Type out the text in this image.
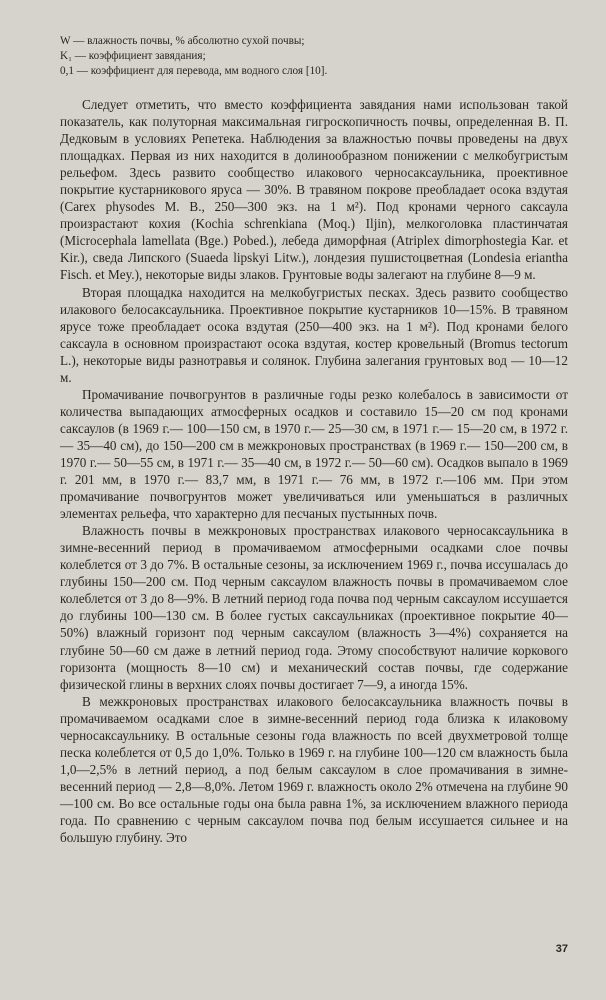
W — влажность почвы, % абсолютно сухой почвы;
K₁ — коэффициент завядания;
0,1 — коэффициент для перевода, мм водного слоя [10].

Следует отметить, что вместо коэффициента завядания нами использован такой показатель, как полуторная максимальная гигроскопичность почвы, определенная В. П. Дедковым в условиях Репетека. Наблюдения за влажностью почвы проведены на двух площадках. Первая из них находится в долинообразном понижении с мелкобугристым рельефом. Здесь развито сообщество илакового черносаксаульника, проективное покрытие кустарникового яруса — 30%. В травяном покрове преобладает осока вздутая (Carex physodes M. B., 250—300 экз. на 1 м²). Под кронами черного саксаула произрастают кохия (Kochia schrenkiana (Moq.) Iljin), мелкоголовка пластинчатая (Microcephala lamellata (Bge.) Pobed.), лебеда диморфная (Atriplex dimorphostegia Kar. et Kir.), сведа Липского (Suaeda lipskyi Litw.), лондезия пушистоцветная (Londesia eriantha Fisch. et Mey.), некоторые виды злаков. Грунтовые воды залегают на глубине 8—9 м.

Вторая площадка находится на мелкобугристых песках. Здесь развито сообщество илакового белосаксаульника. Проективное покрытие кустарников 10—15%. В травяном ярусе тоже преобладает осока вздутая (250—400 экз. на 1 м²). Под кронами белого саксаула в основном произрастают осока вздутая, костер кровельный (Bromus tectorum L.), некоторые виды разнотравья и солянок. Глубина залегания грунтовых вод — 10—12 м.

Промачивание почвогрунтов в различные годы резко колебалось в зависимости от количества выпадающих атмосферных осадков и составило 15—20 см под кронами саксаулов (в 1969 г.— 100—150 см, в 1970 г.— 25—30 см, в 1971 г.— 15—20 см, в 1972 г.— 35—40 см), до 150—200 см в межкроновых пространствах (в 1969 г.— 150—200 см, в 1970 г.— 50—55 см, в 1971 г.— 35—40 см, в 1972 г.— 50—60 см). Осадков выпало в 1969 г. 201 мм, в 1970 г.— 83,7 мм, в 1971 г.— 76 мм, в 1972 г.—106 мм. При этом промачивание почвогрунтов может увеличиваться или уменьшаться в различных элементах рельефа, что характерно для песчаных пустынных почв.

Влажность почвы в межкроновых пространствах илакового черносаксаульника в зимне-весенний период в промачиваемом атмосферными осадками слое почвы колеблется от 3 до 7%. В остальные сезоны, за исключением 1969 г., почва иссушалась до глубины 150—200 см. Под черным саксаулом влажность почвы в промачиваемом слое колеблется от 3 до 8—9%. В летний период года почва под черным саксаулом иссушается до глубины 100—130 см. В более густых саксаульниках (проективное покрытие 40—50%) влажный горизонт под черным саксаулом (влажность 3—4%) сохраняется на глубине 50—60 см даже в летний период года. Этому способствуют наличие коркового горизонта (мощность 8—10 см) и механический состав почвы, где содержание физической глины в верхних слоях почвы достигает 7—9, а иногда 15%.

В межкроновых пространствах илакового белосаксаульника влажность почвы в промачиваемом осадками слое в зимне-весенний период года близка к илаковому черносаксаульнику. В остальные сезоны года влажность по всей двухметровой толще песка колеблется от 0,5 до 1,0%. Только в 1969 г. на глубине 100—120 см влажность была 1,0—2,5% в летний период, а под белым саксаулом в слое промачивания в зимне-весенний период — 2,8—8,0%. Летом 1969 г. влажность около 2% отмечена на глубине 90—100 см. Во все остальные годы она была равна 1%, за исключением влажного периода года. По сравнению с черным саксаулом почва под белым иссушается сильнее и на большую глубину. Это

37
